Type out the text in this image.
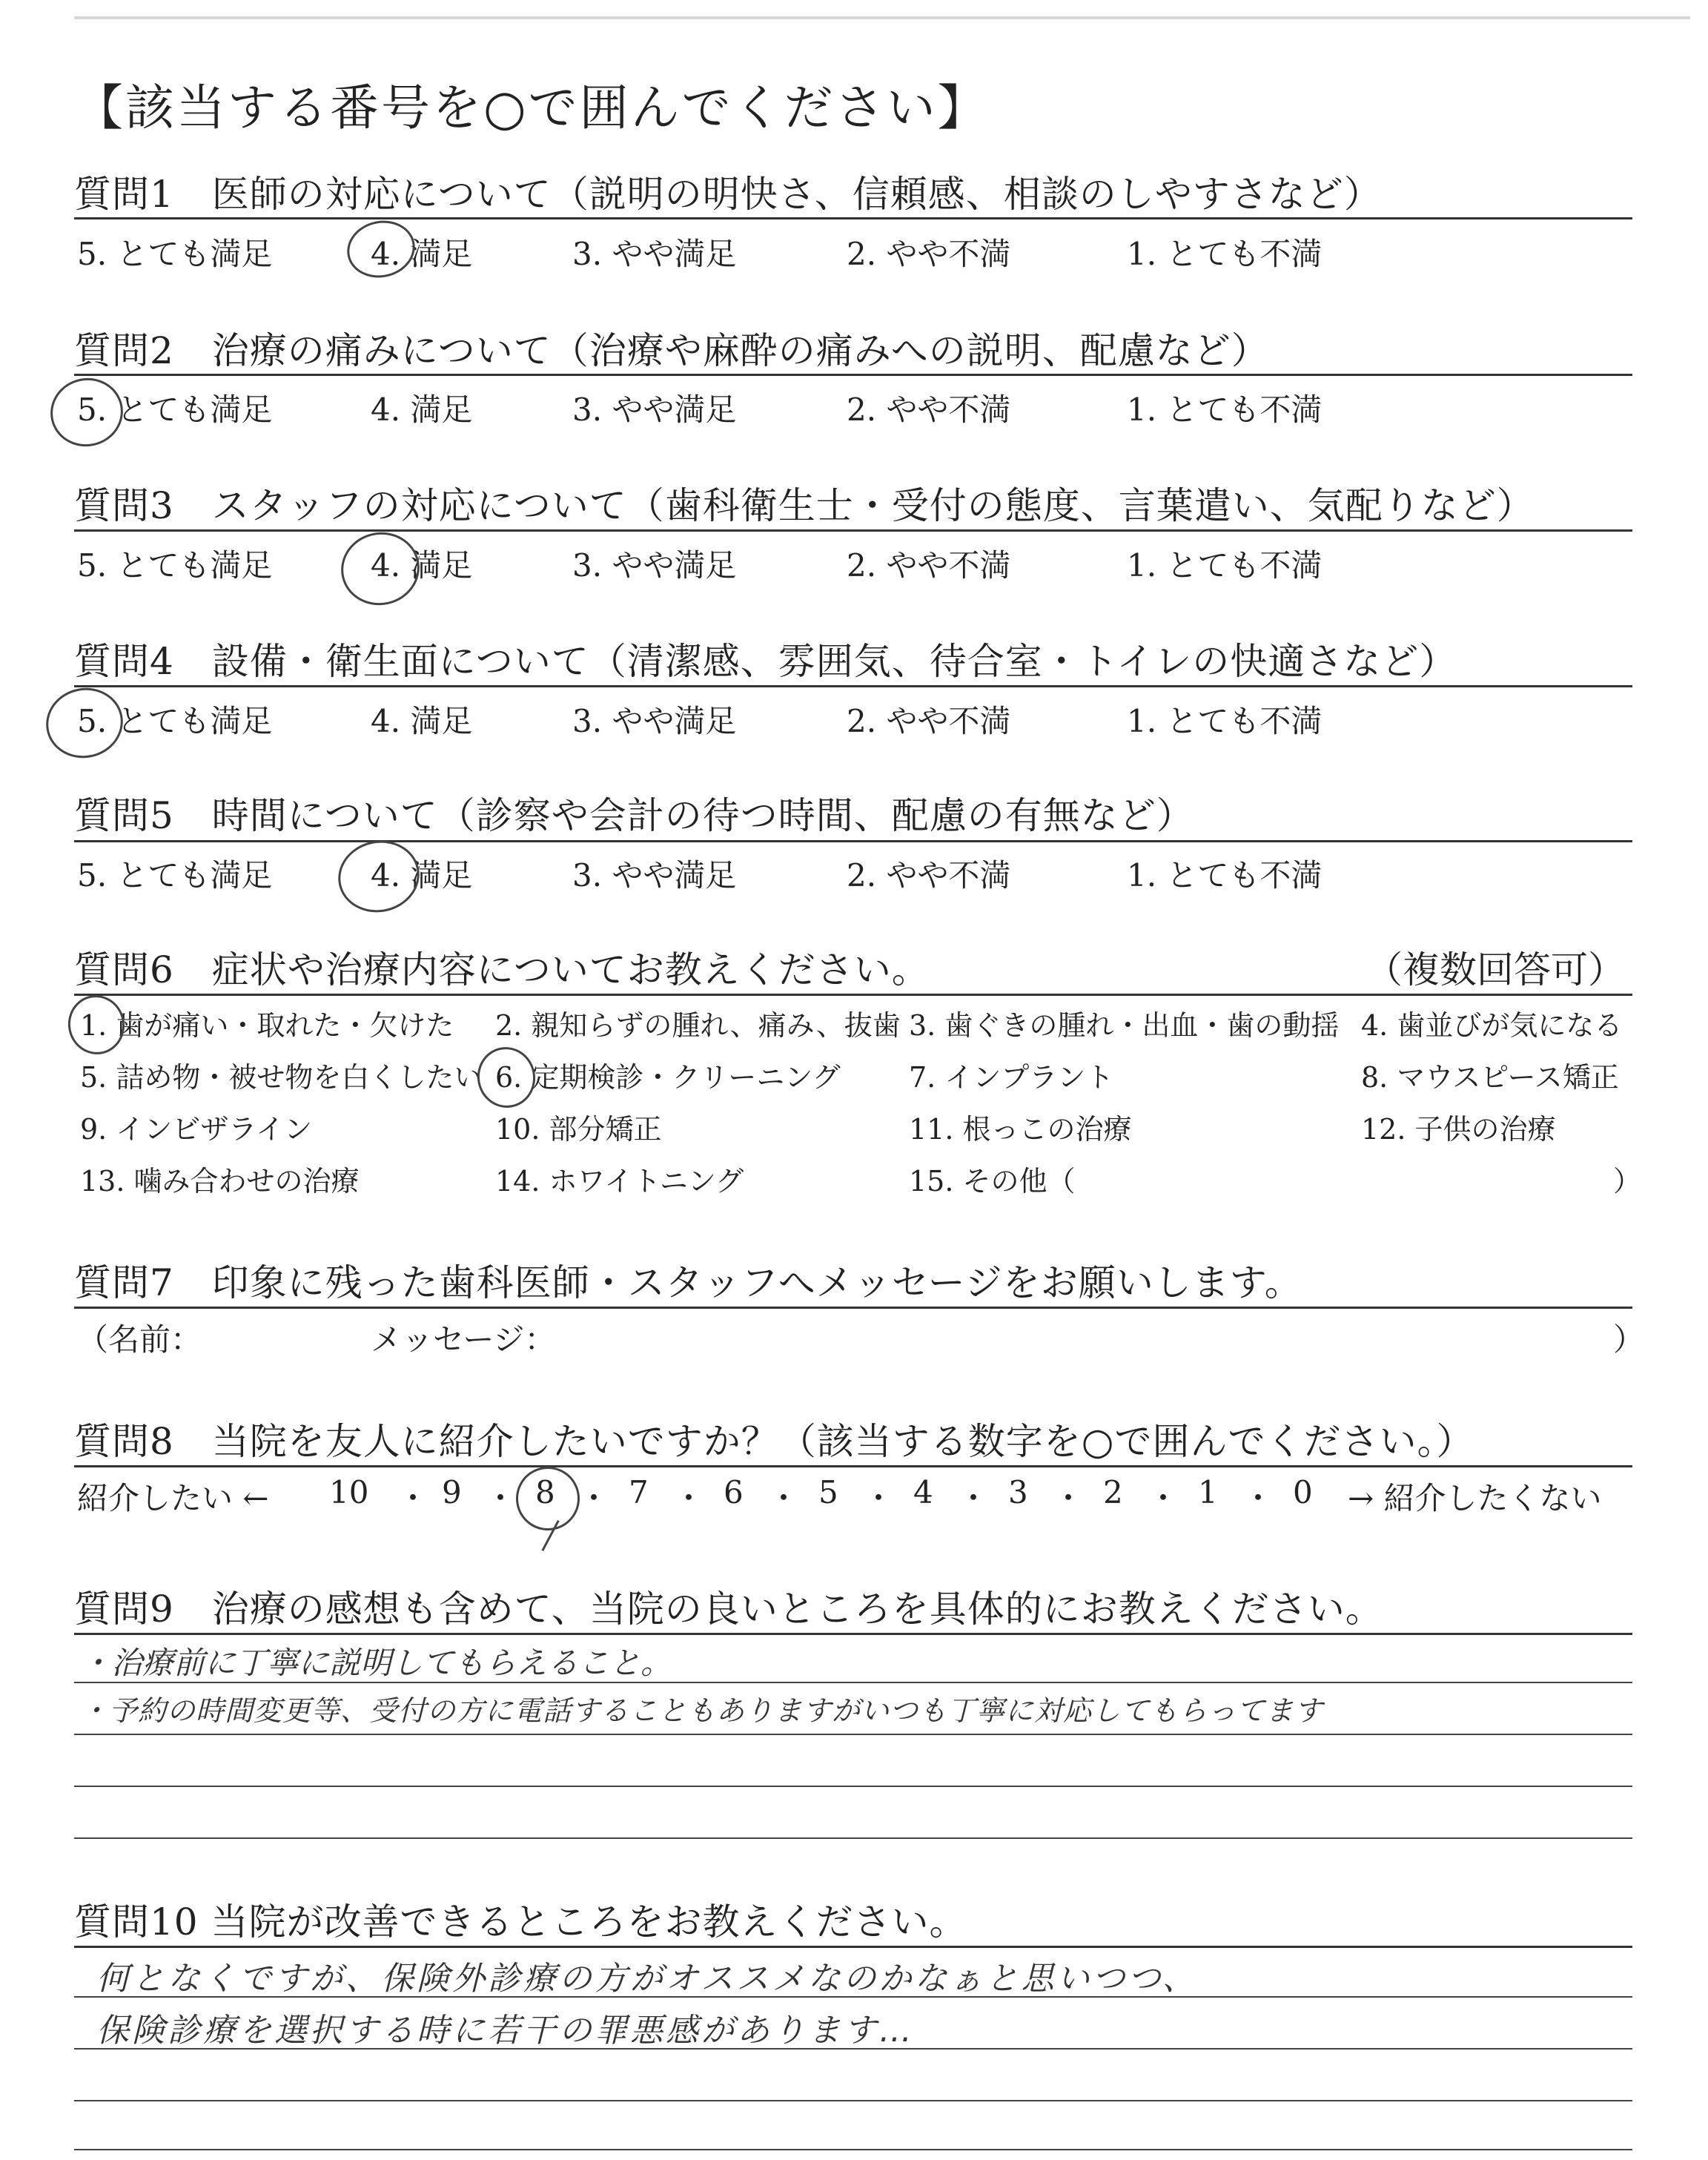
【該当する番号を○で囲んでください】
質問1　医師の対応について（説明の明快さ、信頼感、相談のしやすさなど）
5. とても満足	4. 満足	3. やや満足	2. やや不満	1. とても不満
質問2　治療の痛みについて（治療や麻酔の痛みへの説明、配慮など）
5. とても満足	4. 満足	3. やや満足	2. やや不満	1. とても不満
質問3　スタッフの対応について（歯科衛生士・受付の態度、言葉遣い、気配りなど）
5. とても満足	4. 満足	3. やや満足	2. やや不満	1. とても不満
質問4　設備・衛生面について（清潔感、雰囲気、待合室・トイレの快適さなど）
5. とても満足	4. 満足	3. やや満足	2. やや不満	1. とても不満
質問5　時間について（診察や会計の待つ時間、配慮の有無など）
5. とても満足	4. 満足	3. やや満足	2. やや不満	1. とても不満
質問6　症状や治療内容についてお教えください。	（複数回答可）
1. 歯が痛い・取れた・欠けた 2. 親知らずの腫れ、痛み、抜歯 3. 歯ぐきの腫れ・出血・歯の動揺 4. 歯並びが気になる
5. 詰め物・被せ物を白くしたい 6. 定期検診・クリーニング 7. インプラント	8. マウスピース矯正
9. インビザライン	10. 部分矯正	11. 根っこの治療	12. 子供の治療
13. 噛み合わせの治療	14. ホワイトニング	15. その他（	）
質問7　印象に残った歯科医師・スタッフへメッセージをお願いします。
（名前：	メッセージ：	）
質問8　当院を友人に紹介したいですか？（該当する数字を○で囲んでください。）
紹介したい ← 10 ・ 9 ・ 8 ・ 7 ・ 6 ・ 5 ・ 4 ・ 3 ・ 2 ・ 1 ・ 0 → 紹介したくない
質問9　治療の感想も含めて、当院の良いところを具体的にお教えください。
・治療前に丁寧に説明してもらえること。
・予約の時間変更等、受付の方に電話することもありますがいつも丁寧に対応してもらってます
質問10 当院が改善できるところをお教えください。
何となくですが、保険外診療の方がオススメなのかなぁと思いつつ、
保険診療を選択する時に若干の罪悪感があります…
